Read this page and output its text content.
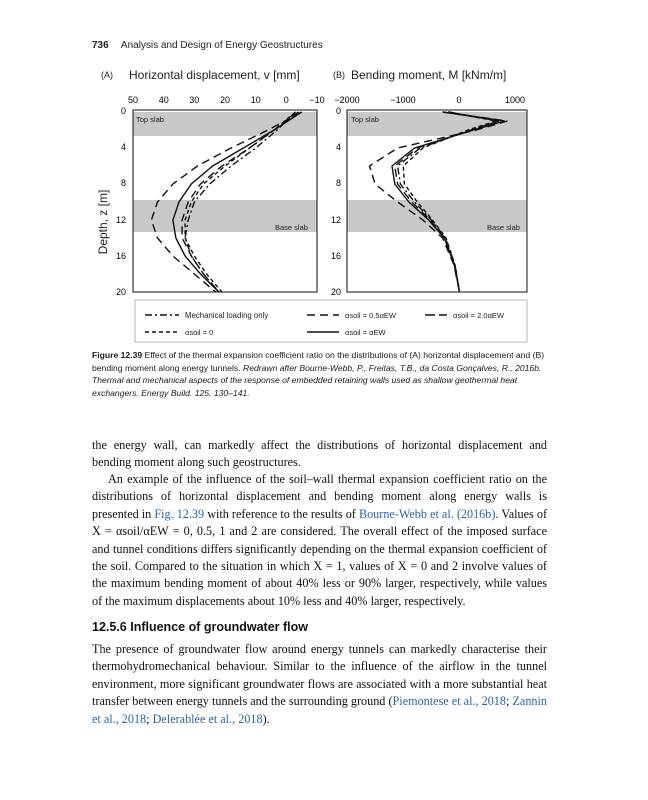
736 Analysis and Design of Energy Geostructures
(A) Horizontal displacement, v [mm]	(B) Bending moment, M [kNm/m]
Depth, z [m]
Top slab
Base slab
50 40 30 20 10	0 −10
0
4
8
12
16
20
Top slab
Base slab
−2000	−1000	0	1000
0
4
8
12
16
20
Mechanical loading only	αsoil = 0.5αEW	αsoil = 2.0αEW
αsoil = 0	αsoil = αEW
Figure 12.39 Effect of the thermal expansion coefficient ratio on the distributions of (A) horizontal displacement and (B) bending moment along energy tunnels. Redrawn after Bourne-Webb, P., Freitas, T.B., da Costa Gonçalves, R., 2016b. Thermal and mechanical aspects of the response of embedded retaining walls used as shallow geothermal heat exchangers. Energy Build. 125, 130–141.
the energy wall, can markedly affect the distributions of horizontal displacement and bending moment along such geostructures.
An example of the influence of the soil–wall thermal expansion coefficient ratio on the distributions of horizontal displacement and bending moment along energy walls is presented in Fig. 12.39 with reference to the results of Bourne-Webb et al. (2016b). Values of X = αsoil/αEW = 0, 0.5, 1 and 2 are considered. The overall effect of the imposed surface and tunnel conditions differs significantly depending on the thermal expansion coefficient of the soil. Compared to the situation in which X = 1, values of X = 0 and 2 involve values of the maximum bending moment of about 40% less or 90% larger, respectively, while values of the maximum displacements about 10% less and 40% larger, respectively.
12.5.6 Influence of groundwater flow
The presence of groundwater flow around energy tunnels can markedly characterise their thermohydromechanical behaviour. Similar to the influence of the airflow in the tunnel environment, more significant groundwater flows are associated with a more substantial heat transfer between energy tunnels and the surrounding ground (Piemontese et al., 2018; Zannin et al., 2018; Delerablée et al., 2018).
